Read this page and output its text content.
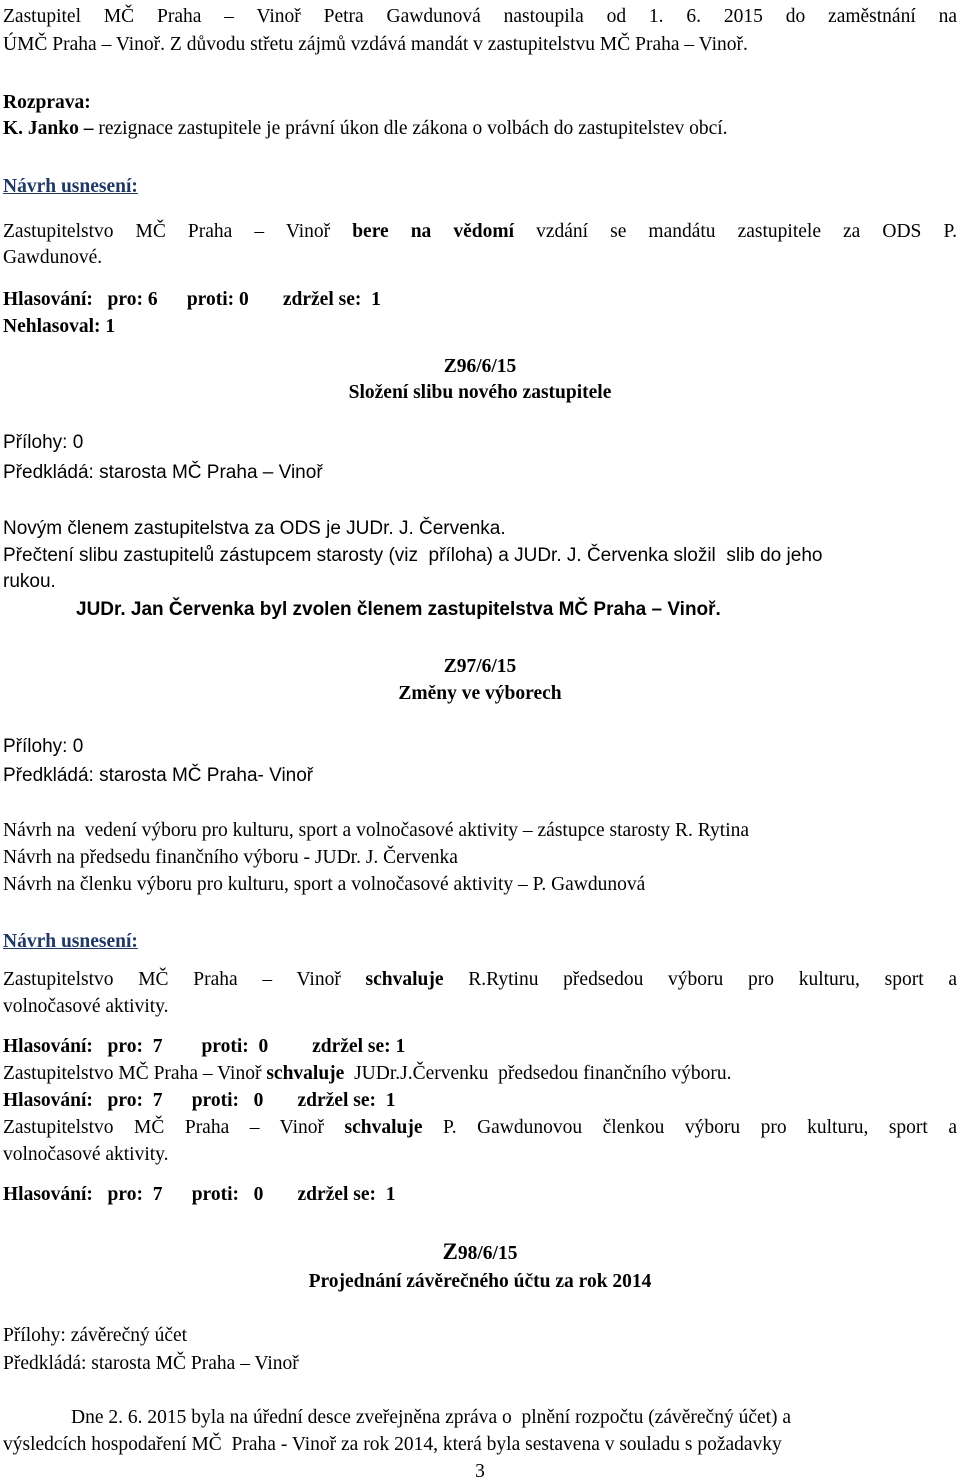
Zastupitel MČ Praha – Vinoř Petra Gawdunová nastoupila od 1. 6. 2015 do zaměstnání na
ÚMČ Praha – Vinoř. Z důvodu střetu zájmů vzdává mandát v zastupitelstvu MČ Praha – Vinoř.
Rozprava:
K. Janko – rezignace zastupitele je právní úkon dle zákona o volbách do zastupitelstev obcí.
Návrh usnesení:
Zastupitelstvo MČ Praha – Vinoř bere na vědomí vzdání se mandátu zastupitele za ODS P.
Gawdunové.
Hlasování:   pro: 6      proti: 0       zdržel se:  1
Nehlasoval: 1
Z96/6/15
Složení slibu nového zastupitele
Přílohy: 0
Předkládá: starosta MČ Praha – Vinoř
Novým členem zastupitelstva za ODS je JUDr. J. Červenka.
Přečtení slibu zastupitelů zástupcem starosty (viz  příloha) a JUDr. J. Červenka složil  slib do jeho
rukou.
JUDr. Jan Červenka byl zvolen členem zastupitelstva MČ Praha – Vinoř.
Z97/6/15
Změny ve výborech
Přílohy: 0
Předkládá: starosta MČ Praha- Vinoř
Návrh na  vedení výboru pro kulturu, sport a volnočasové aktivity – zástupce starosty R. Rytina
Návrh na předsedu finančního výboru - JUDr. J. Červenka
Návrh na členku výboru pro kulturu, sport a volnočasové aktivity – P. Gawdunová
Návrh usnesení:
Zastupitelstvo MČ Praha – Vinoř schvaluje R.Rytinu předsedou výboru pro kulturu, sport a
volnočasové aktivity.
Hlasování:   pro:  7        proti:  0         zdržel se: 1
Zastupitelstvo MČ Praha – Vinoř schvaluje  JUDr.J.Červenku  předsedou finančního výboru.
Hlasování:   pro:  7      proti:   0       zdržel se:  1
Zastupitelstvo MČ Praha – Vinoř schvaluje P. Gawdunovou členkou výboru pro kulturu, sport a
volnočasové aktivity.
Hlasování:   pro:  7      proti:   0       zdržel se:  1
Z98/6/15
Projednání závěrečného účtu za rok 2014
Přílohy: závěrečný účet
Předkládá: starosta MČ Praha – Vinoř
Dne 2. 6. 2015 byla na úřední desce zveřejněna zpráva o  plnění rozpočtu (závěrečný účet) a
výsledcích hospodaření MČ  Praha - Vinoř za rok 2014, která byla sestavena v souladu s požadavky
3
